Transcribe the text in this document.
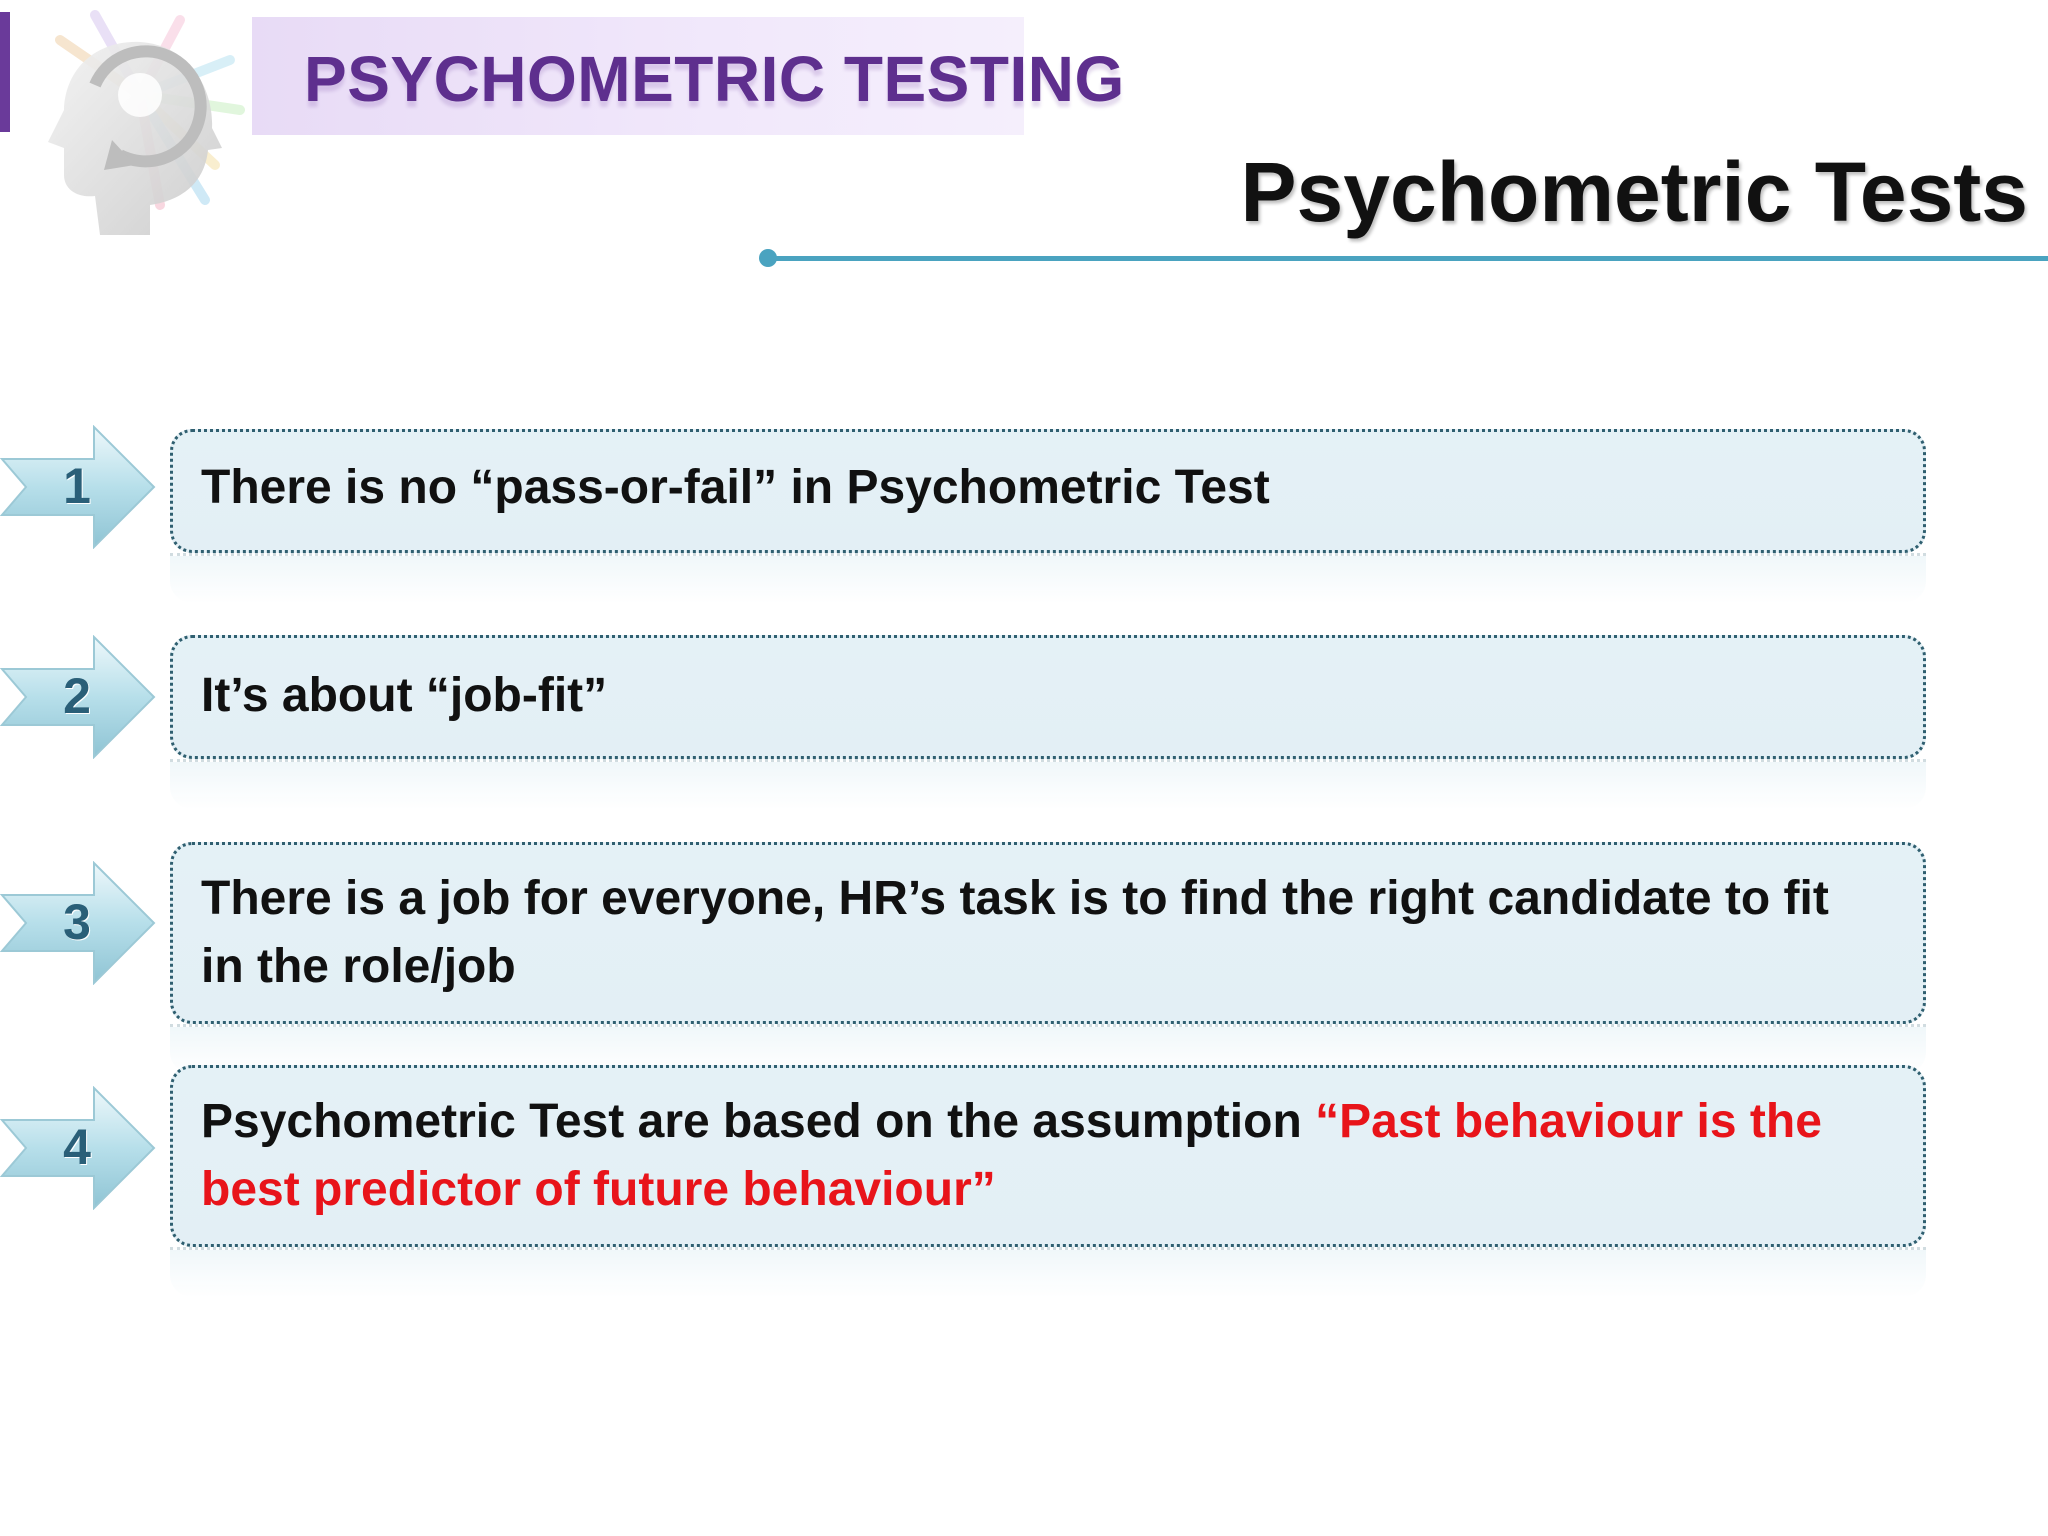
PSYCHOMETRIC TESTING
Psychometric Tests
1	There is no “pass-or-fail” in Psychometric Test
2	It’s about “job-fit”
3	There is a job for everyone, HR’s task is to find the right candidate to fit in the role/job
4	Psychometric Test are based on the assumption “Past behaviour is the best predictor of future behaviour”
